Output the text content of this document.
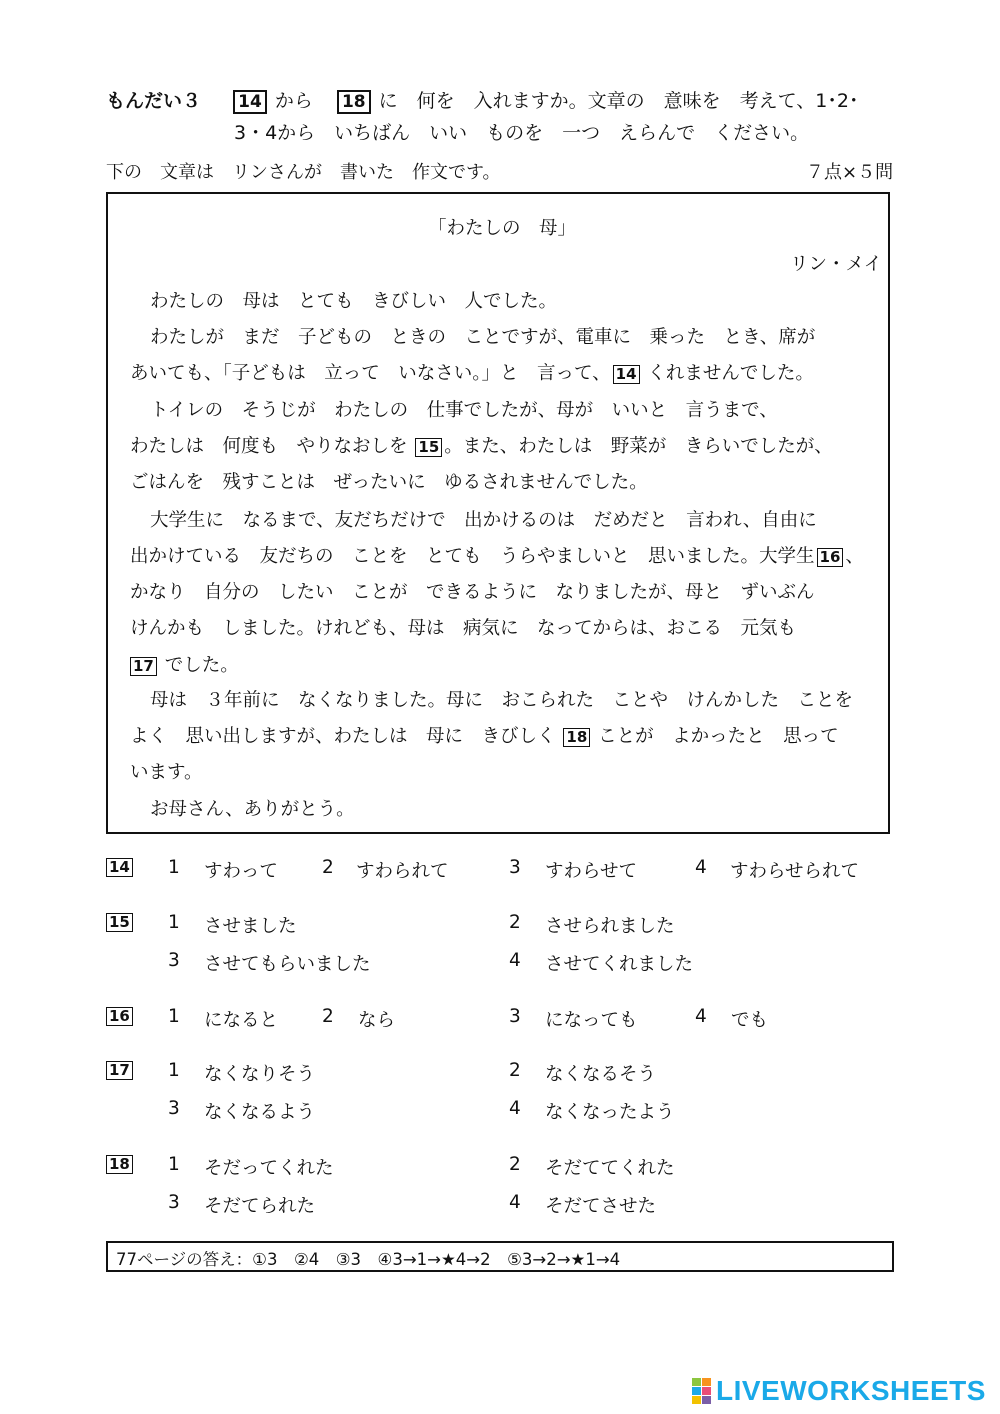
もんだい３ 14 から 18 に　何を　入れますか。文章の　意味を　考えて、1･2･
3・4から　いちばん　いい　ものを　一つ　えらんで　ください。
下の　文章は　リンさんが　書いた　作文です。	７点×５問
「わたしの　母」
リン・メイ
わたしの　母は　とても　きびしい　人でした。
わたしが　まだ　子どもの　ときの　ことですが、電車に　乗った　とき、席が
あいても、「子どもは　立って　いなさい。」と　言って、 14 くれませんでした。
トイレの　そうじが　わたしの　仕事でしたが、母が　いいと　言うまで、
わたしは　何度も　やりなおしを 15 。また、わたしは　野菜が　きらいでしたが、
ごはんを　残すことは　ぜったいに　ゆるされませんでした。
大学生に　なるまで、友だちだけで　出かけるのは　だめだと　言われ、自由に
出かけている　友だちの　ことを　とても　うらやましいと　思いました。大学生 16 、
かなり　自分の　したい　ことが　できるように　なりましたが、母と　ずいぶん
けんかも　しました。けれども、母は　病気に　なってからは、おこる　元気も
17 でした。
母は　３年前に　なくなりました。母に　おこられた　ことや　けんかした　ことを
よく　思い出しますが、わたしは　母に　きびしく 18 ことが　よかったと　思って
います。
お母さん、ありがとう。
14 1 すわって 2 すわられて	3 すわらせて	4 すわらせられて
15 1 させました	2 させられました
3 させてもらいました	4 させてくれました
16 1 になると 2 なら	3 になっても	4 でも
17 1 なくなりそう	2 なくなるそう
3 なくなるよう	4 なくなったよう
18 1 そだってくれた	2 そだててくれた
3 そだてられた	4 そだてさせた
77ページの答え：①3　②4　③3　④3→1→★4→2　⑤3→2→★1→4
LIVEWORKSHEETS
